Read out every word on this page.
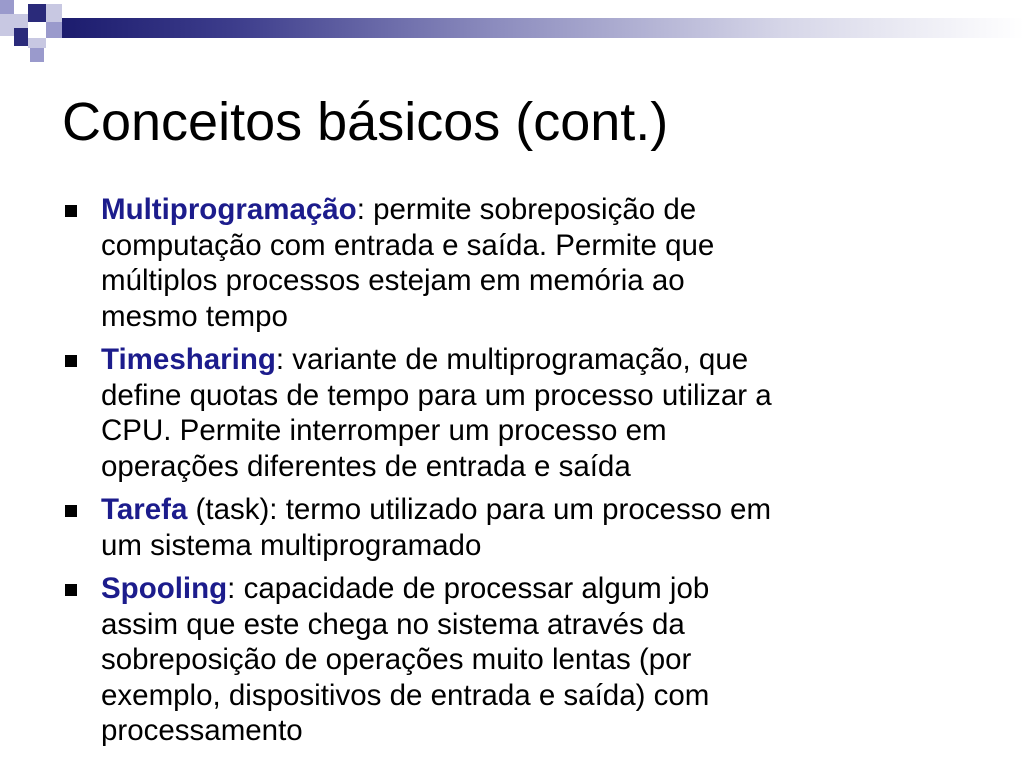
Conceitos básicos (cont.)
Multiprogramação: permite sobreposição de
computação com entrada e saída. Permite que
múltiplos processos estejam em memória ao
mesmo tempo
Timesharing: variante de multiprogramação, que
define quotas de tempo para um processo utilizar a
CPU. Permite interromper um processo em
operações diferentes de entrada e saída
Tarefa (task): termo utilizado para um processo em
um sistema multiprogramado
Spooling: capacidade de processar algum job
assim que este chega no sistema através da
sobreposição de operações muito lentas (por
exemplo, dispositivos de entrada e saída) com
processamento
